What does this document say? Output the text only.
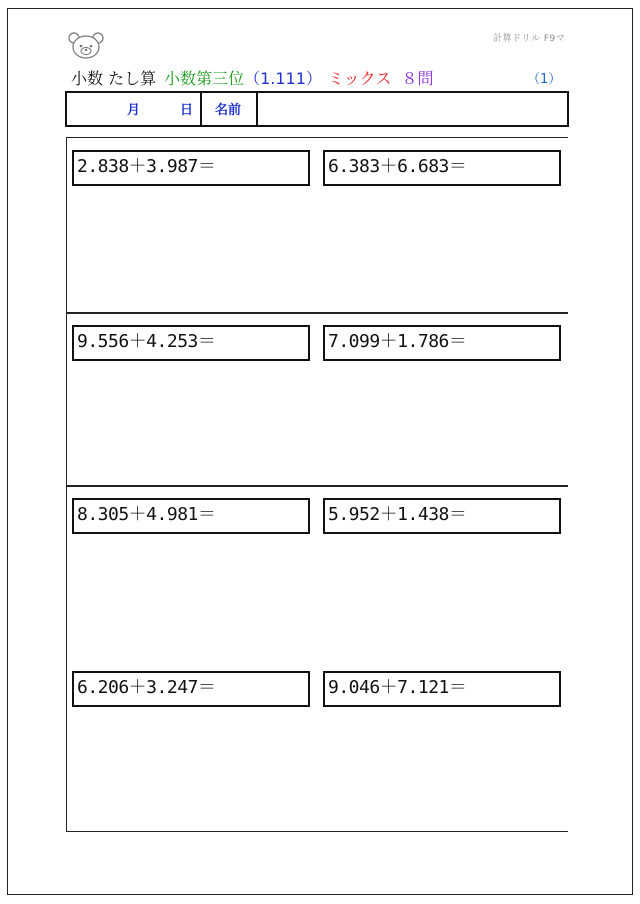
計算ドリル F9マ
小数 たし算 小数第三位（1.111） ミックス ８問	（1）
月	日 名前
2.838＋3.987＝	6.383＋6.683＝
9.556＋4.253＝	7.099＋1.786＝
8.305＋4.981＝	5.952＋1.438＝
6.206＋3.247＝	9.046＋7.121＝
